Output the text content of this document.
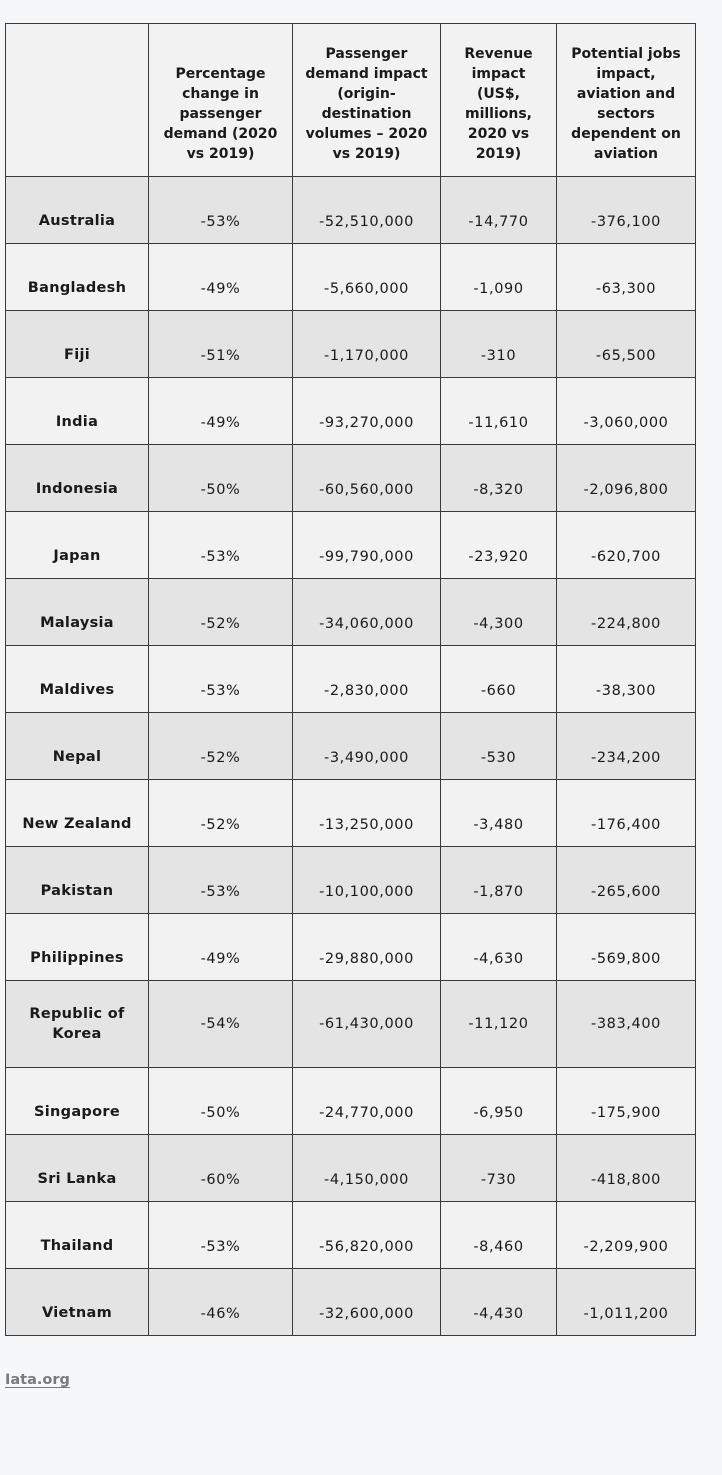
	Percentage change in passenger demand (2020 vs 2019)	Passenger demand impact (origin-destination volumes – 2020 vs 2019)	Revenue impact (US$, millions, 2020 vs 2019)	Potential jobs impact, aviation and sectors dependent on aviation
Australia	-53%	-52,510,000	-14,770	-376,100
Bangladesh	-49%	-5,660,000	-1,090	-63,300
Fiji	-51%	-1,170,000	-310	-65,500
India	-49%	-93,270,000	-11,610	-3,060,000
Indonesia	-50%	-60,560,000	-8,320	-2,096,800
Japan	-53%	-99,790,000	-23,920	-620,700
Malaysia	-52%	-34,060,000	-4,300	-224,800
Maldives	-53%	-2,830,000	-660	-38,300
Nepal	-52%	-3,490,000	-530	-234,200
New Zealand	-52%	-13,250,000	-3,480	-176,400
Pakistan	-53%	-10,100,000	-1,870	-265,600
Philippines	-49%	-29,880,000	-4,630	-569,800
Republic of Korea	-54%	-61,430,000	-11,120	-383,400
Singapore	-50%	-24,770,000	-6,950	-175,900
Sri Lanka	-60%	-4,150,000	-730	-418,800
Thailand	-53%	-56,820,000	-8,460	-2,209,900
Vietnam	-46%	-32,600,000	-4,430	-1,011,200
Iata.org
